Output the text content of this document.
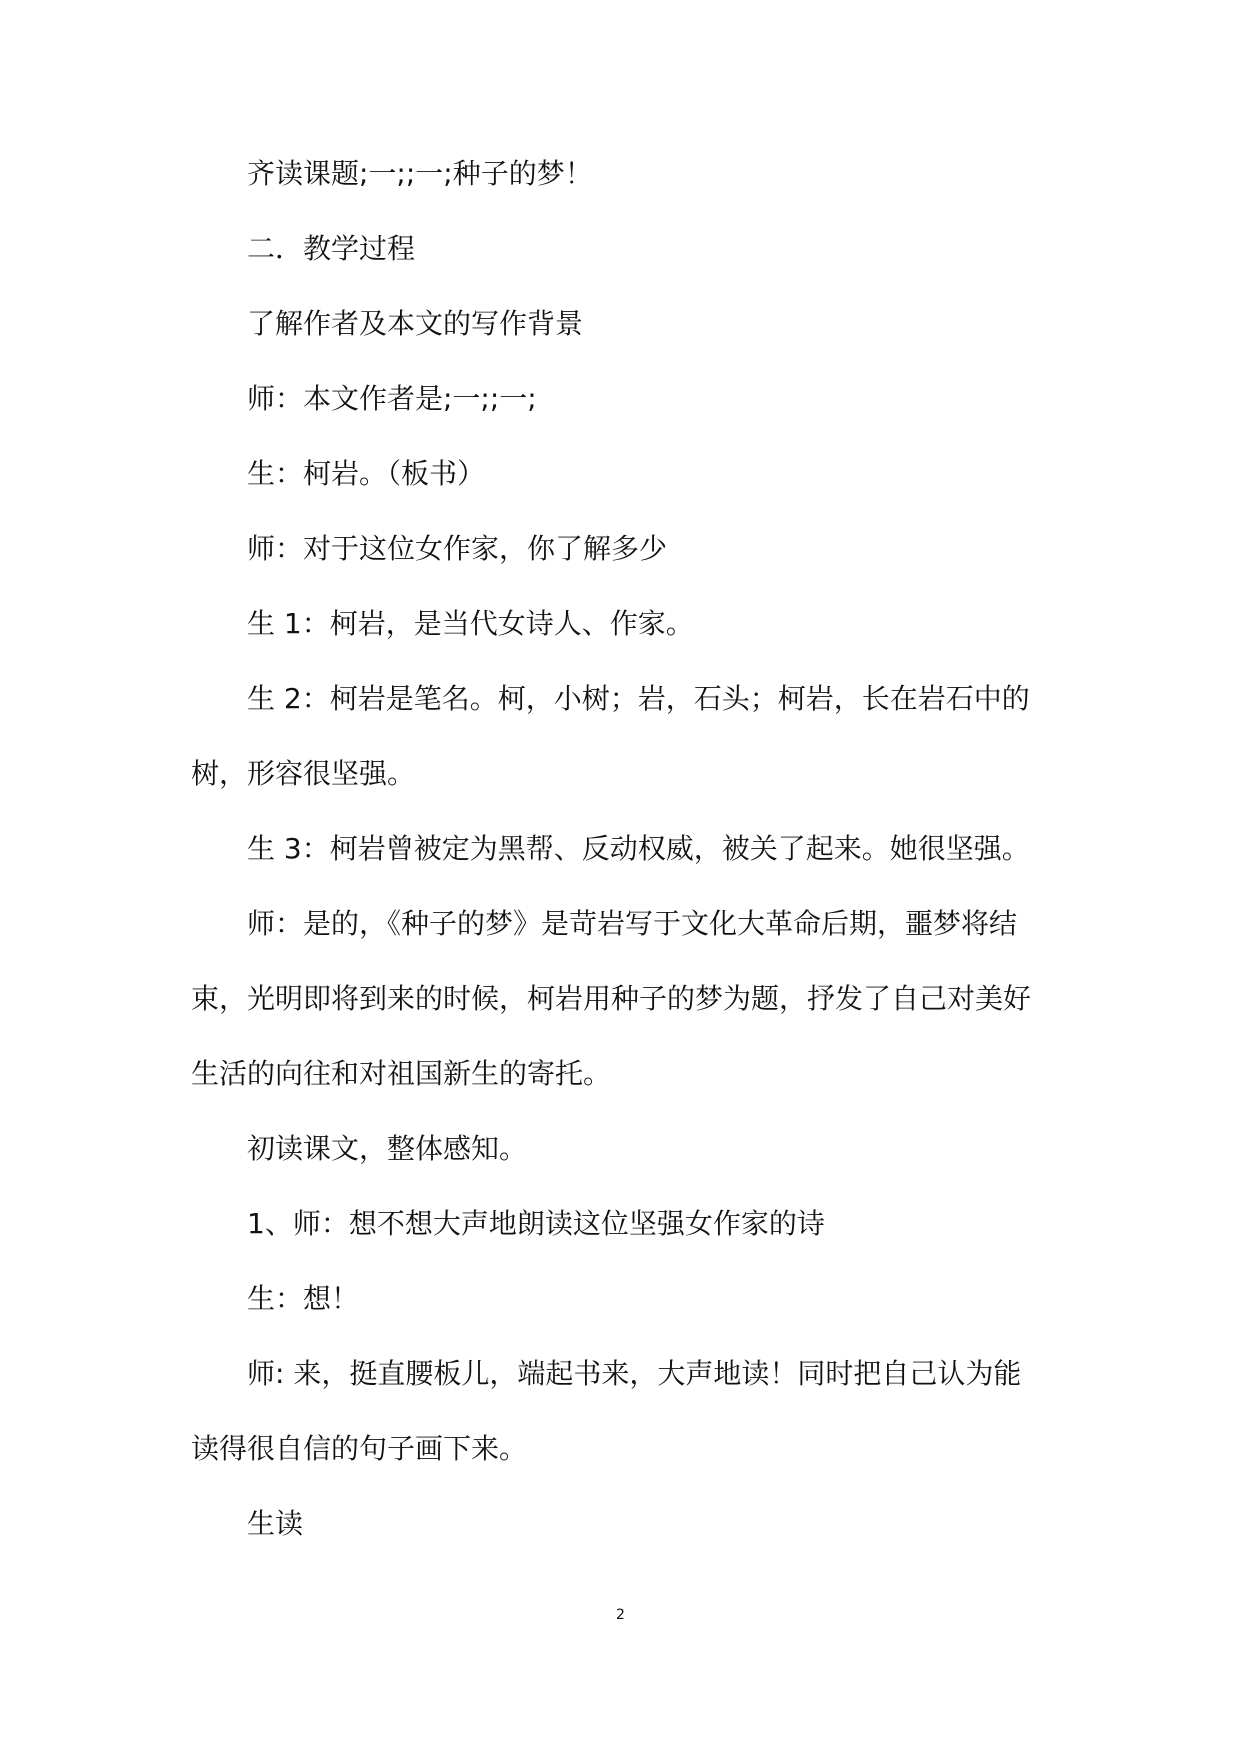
齐读课题;一;;一;种子的梦！
二．教学过程
了解作者及本文的写作背景
师：本文作者是;一;;一;
生：柯岩。（板书）
师：对于这位女作家，你了解多少
生 1：柯岩，是当代女诗人、作家。
生 2：柯岩是笔名。柯，小树；岩，石头；柯岩，长在岩石中的
树，形容很坚强。
生 3：柯岩曾被定为黑帮、反动权威，被关了起来。她很坚强。
师：是的，《种子的梦》是苛岩写于文化大革命后期，噩梦将结
束，光明即将到来的时候，柯岩用种子的梦为题，抒发了自己对美好
生活的向往和对祖国新生的寄托。
初读课文，整体感知。
1、师：想不想大声地朗读这位坚强女作家的诗
生：想！
师: 来，挺直腰板儿，端起书来，大声地读！同时把自己认为能
读得很自信的句子画下来。
生读
2
